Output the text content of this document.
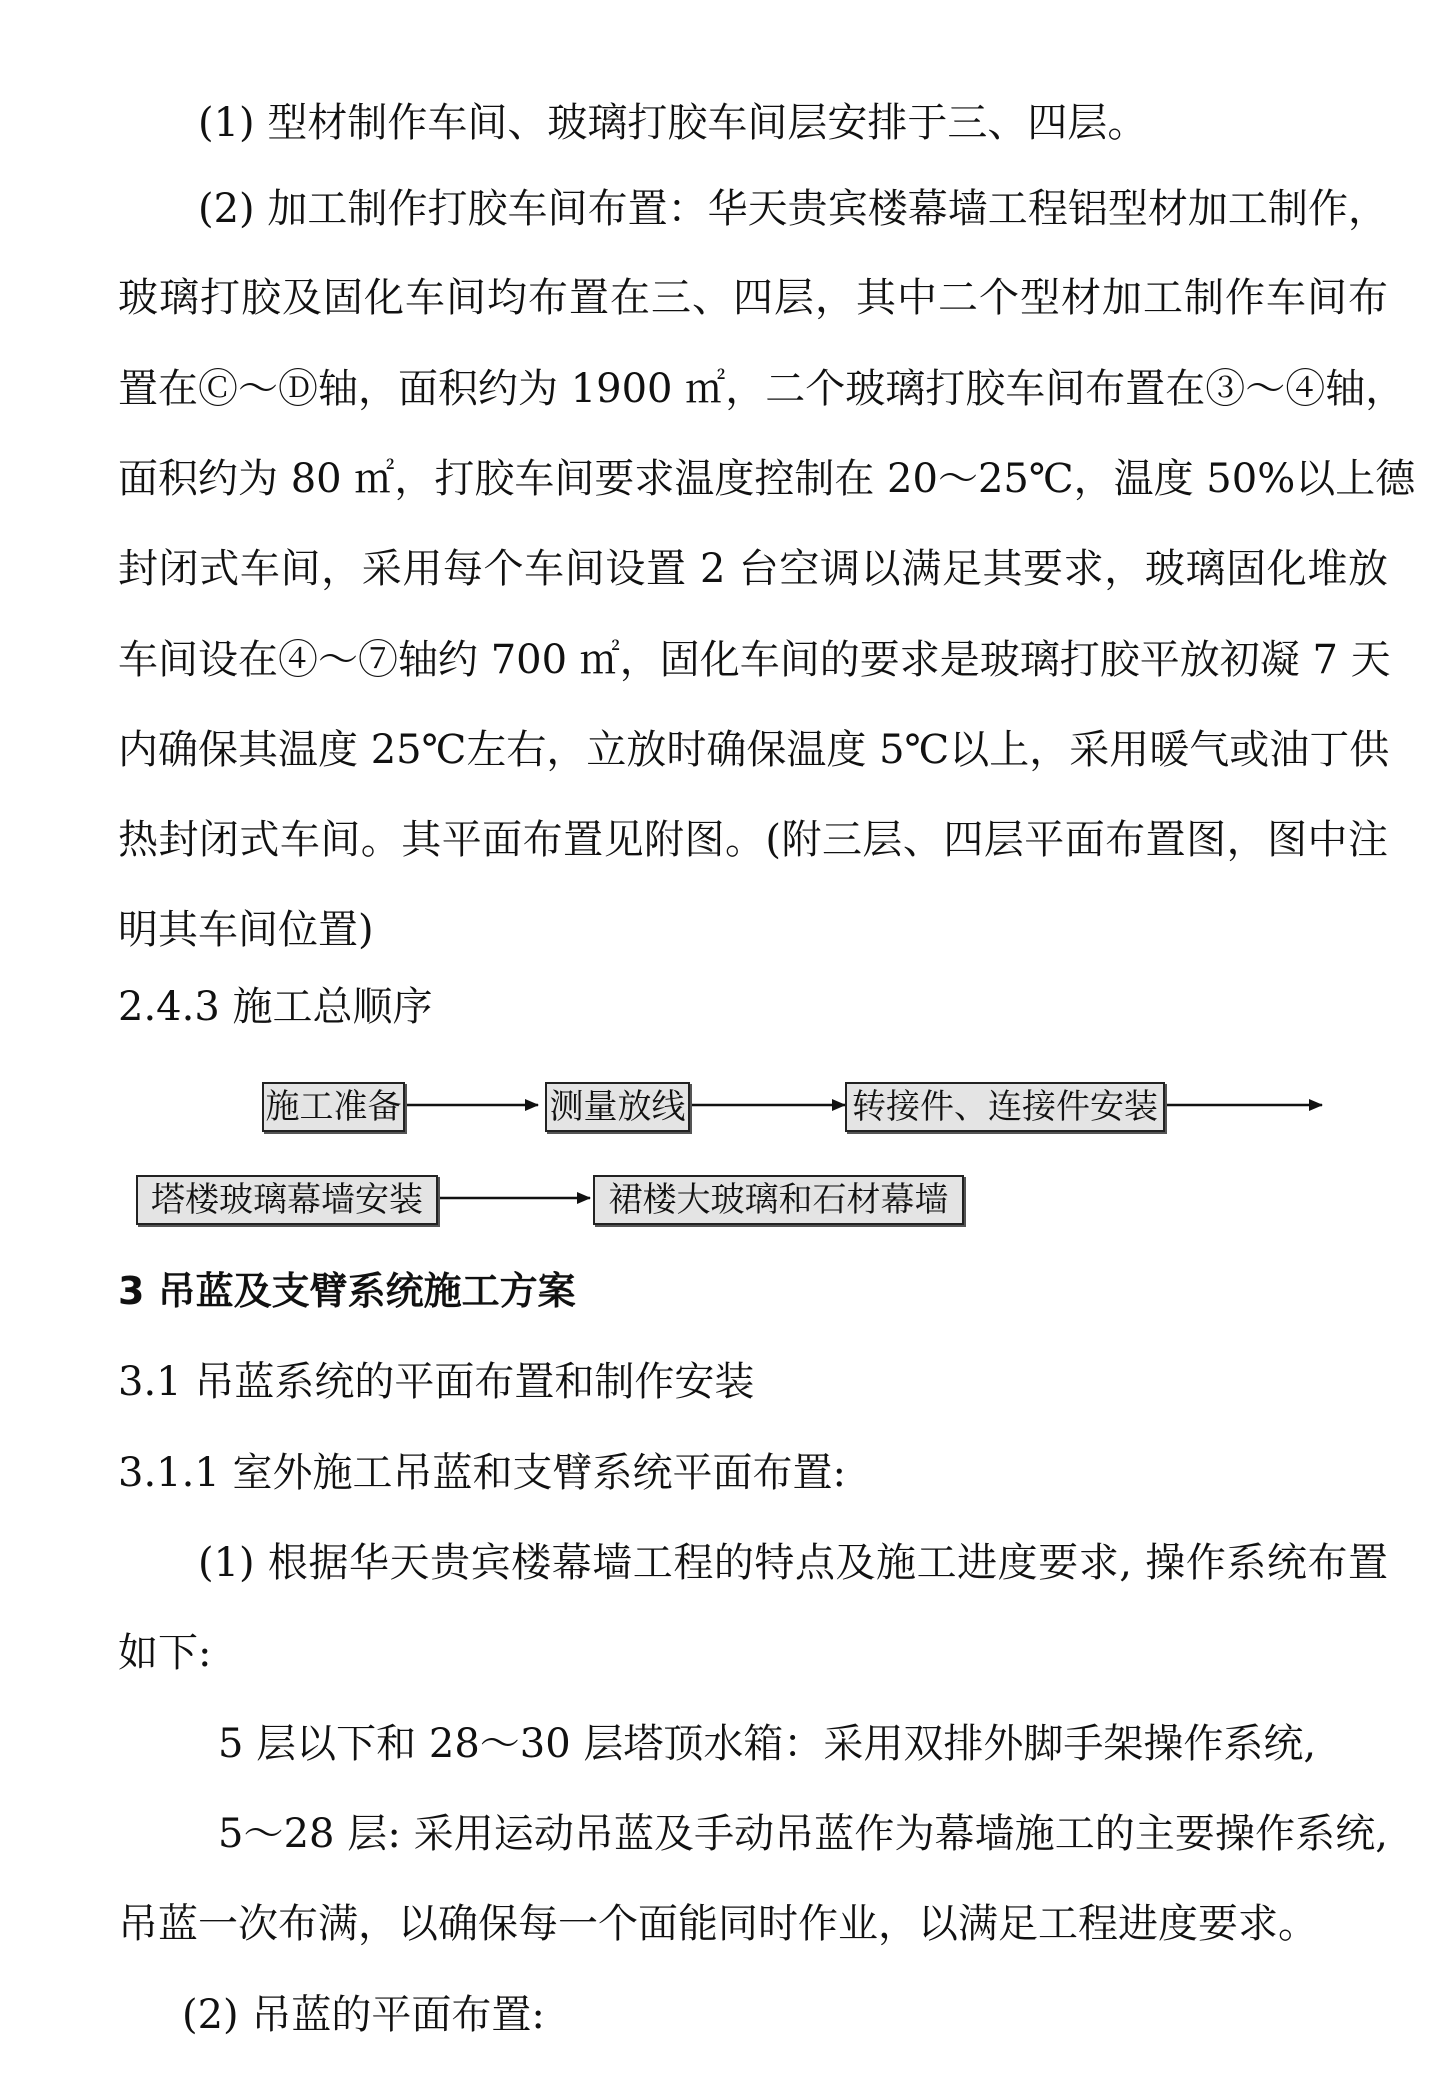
(1) 型材制作车间、玻璃打胶车间层安排于三、四层。

(2) 加工制作打胶车间布置：华天贵宾楼幕墙工程铝型材加工制作，

玻璃打胶及固化车间均布置在三、四层，其中二个型材加工制作车间布

置在Ⓒ～Ⓓ轴，面积约为 1900 ㎡，二个玻璃打胶车间布置在③～④轴，

面积约为 80 ㎡，打胶车间要求温度控制在 20～25℃，温度 50%以上德

封闭式车间，采用每个车间设置 2 台空调以满足其要求，玻璃固化堆放

车间设在④～⑦轴约 700 ㎡，固化车间的要求是玻璃打胶平放初凝 7 天

内确保其温度 25℃左右，立放时确保温度 5℃以上，采用暖气或油丁供

热封闭式车间。其平面布置见附图。(附三层、四层平面布置图，图中注

明其车间位置)

2.4.3 施工总顺序

施工准备	测量放线	转接件、连接件安装
塔楼玻璃幕墙安装	裙楼大玻璃和石材幕墙

3 吊蓝及支臂系统施工方案

3.1 吊蓝系统的平面布置和制作安装

3.1.1 室外施工吊蓝和支臂系统平面布置:

(1) 根据华天贵宾楼幕墙工程的特点及施工进度要求, 操作系统布置

如下:

5 层以下和 28～30 层塔顶水箱：采用双排外脚手架操作系统,

5～28 层: 采用运动吊蓝及手动吊蓝作为幕墙施工的主要操作系统,

吊蓝一次布满，以确保每一个面能同时作业，以满足工程进度要求。

(2) 吊蓝的平面布置:
